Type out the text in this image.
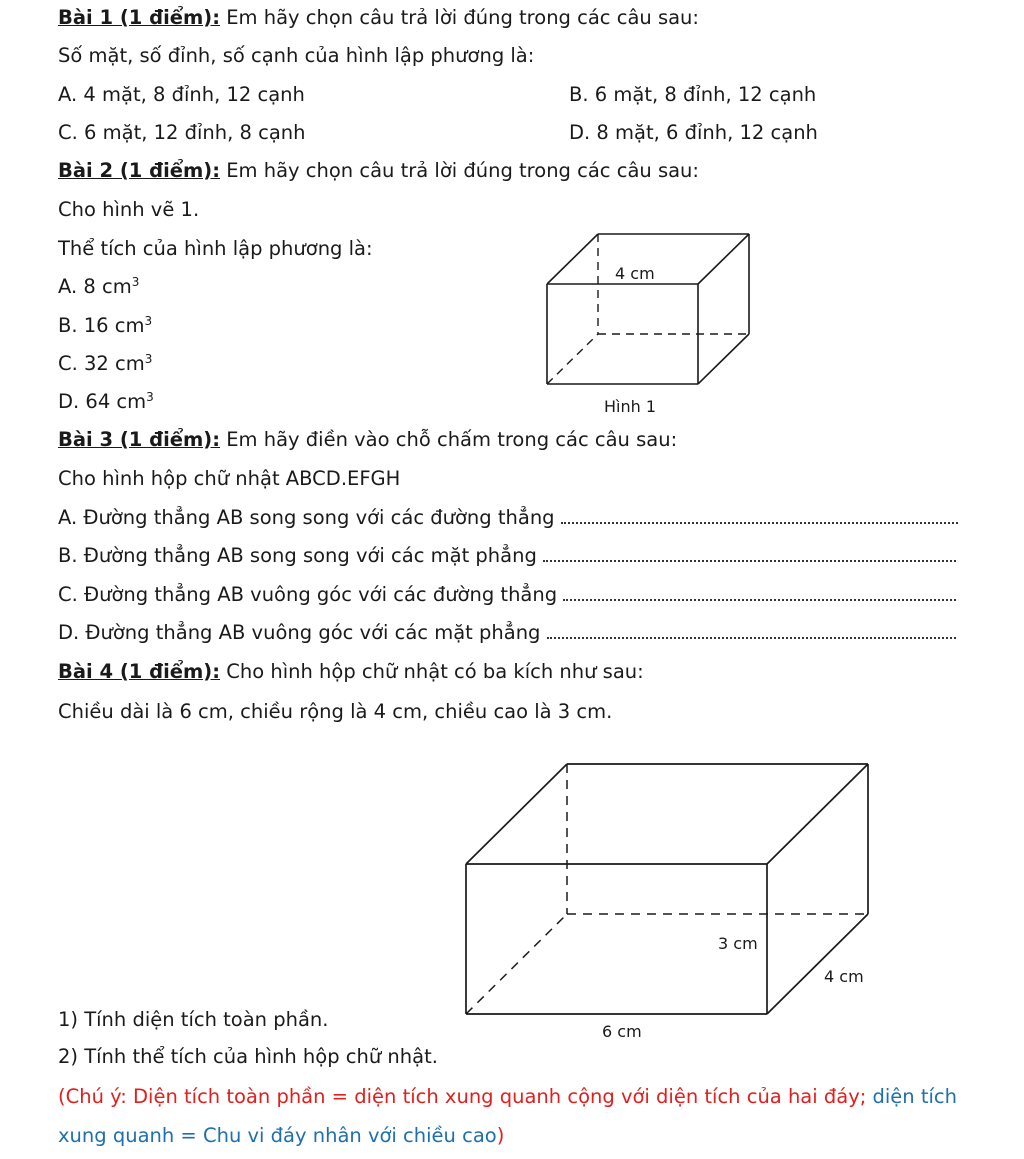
Bài 1 (1 điểm): Em hãy chọn câu trả lời đúng trong các câu sau:
Số mặt, số đỉnh, số cạnh của hình lập phương là:
A. 4 mặt, 8 đỉnh, 12 cạnh	B. 6 mặt, 8 đỉnh, 12 cạnh
C. 6 mặt, 12 đỉnh, 8 cạnh	D. 8 mặt, 6 đỉnh, 12 cạnh
Bài 2 (1 điểm): Em hãy chọn câu trả lời đúng trong các câu sau:
Cho hình vẽ 1.
Thể tích của hình lập phương là:
A. 8 $cm^3$
B. 16 $cm^3$
C. 32 $cm^3$
D. 64 $cm^3$
4 cm
Hình 1
Bài 3 (1 điểm): Em hãy điền vào chỗ chấm trong các câu sau:
Cho hình hộp chữ nhật ABCD.EFGH
A. Đường thẳng AB song song với các đường thẳng
B. Đường thẳng AB song song với các mặt phẳng
C. Đường thẳng AB vuông góc với các đường thẳng
D. Đường thẳng AB vuông góc với các mặt phẳng
Bài 4 (1 điểm): Cho hình hộp chữ nhật có ba kích như sau:
Chiều dài là 6 cm, chiều rộng là 4 cm, chiều cao là 3 cm.
3 cm
4 cm
6 cm
1) Tính diện tích toàn phần.
2) Tính thể tích của hình hộp chữ nhật.
(Chú ý: Diện tích toàn phần = diện tích xung quanh cộng với diện tích của hai đáy; diện tích
xung quanh = Chu vi đáy nhân với chiều cao)
